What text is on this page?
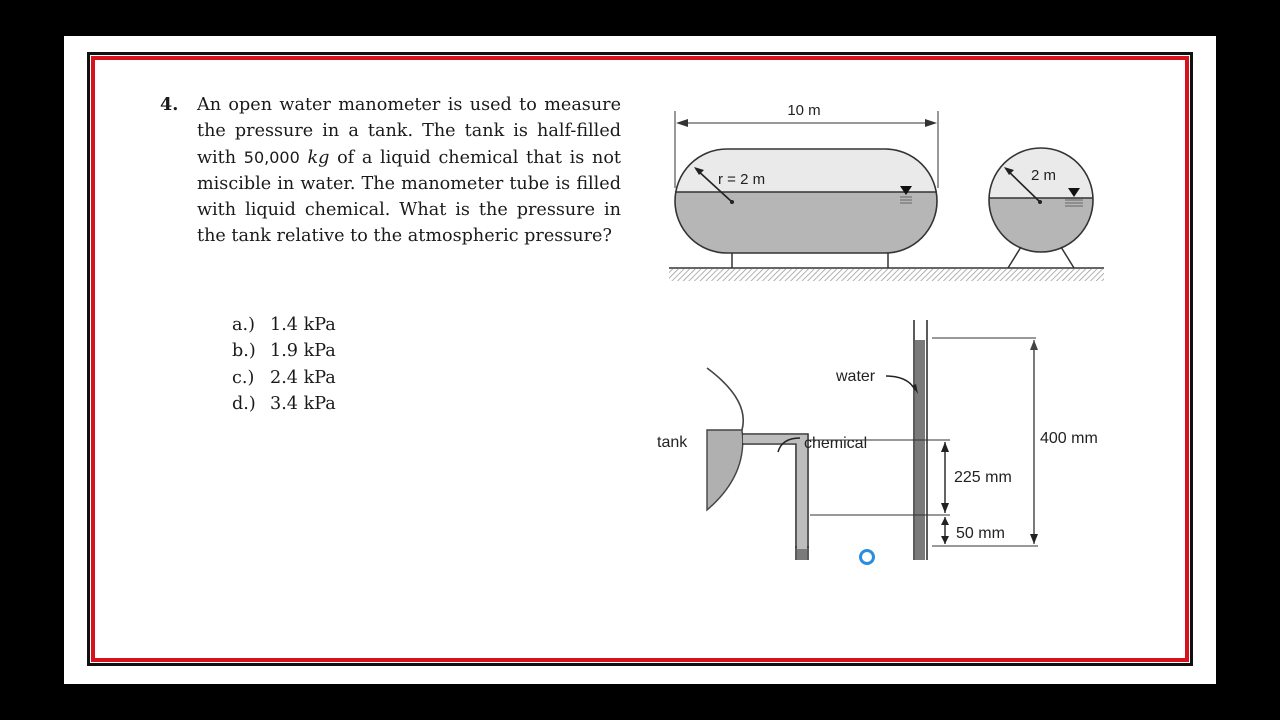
4. An open water manometer is used to measure the pressure in a tank. The tank is half-filled with 50,000 kg of a liquid chemical that is not miscible in water. The manometer tube is filled with liquid chemical. What is the pressure in the tank relative to the atmospheric pressure?
a.) 1.4 kPa
b.) 1.9 kPa
c.) 2.4 kPa
d.) 3.4 kPa
10 m
r = 2 m	2 m
tank
water
chemical
225 mm
50 mm
400 mm
